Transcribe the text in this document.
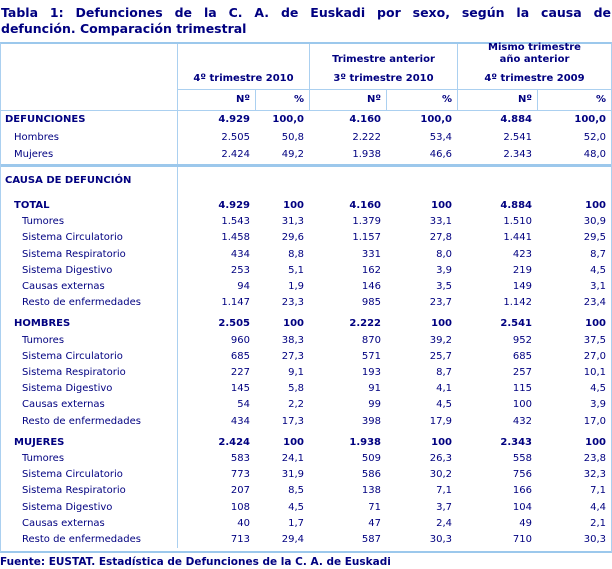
Tabla 1: Defunciones de la C. A. de Euskadi por sexo, según la causa de
defunción. Comparación trimestral
4º trimestre 2010
Trimestre anterior
3º trimestre 2010
Mismo trimestre
año anterior
4º trimestre 2009
Nº	%	Nº	%	Nº	%
DEFUNCIONES	4.929	100,0	4.160	100,0	4.884	100,0
Hombres	2.505	50,8	2.222	53,4	2.541	52,0
Mujeres	2.424	49,2	1.938	46,6	2.343	48,0
CAUSA DE DEFUNCIÓN
TOTAL	4.929	100	4.160	100	4.884	100
Tumores	1.543	31,3	1.379	33,1	1.510	30,9
Sistema Circulatorio	1.458	29,6	1.157	27,8	1.441	29,5
Sistema Respiratorio	434	8,8	331	8,0	423	8,7
Sistema Digestivo	253	5,1	162	3,9	219	4,5
Causas externas	94	1,9	146	3,5	149	3,1
Resto de enfermedades	1.147	23,3	985	23,7	1.142	23,4
HOMBRES	2.505	100	2.222	100	2.541	100
Tumores	960	38,3	870	39,2	952	37,5
Sistema Circulatorio	685	27,3	571	25,7	685	27,0
Sistema Respiratorio	227	9,1	193	8,7	257	10,1
Sistema Digestivo	145	5,8	91	4,1	115	4,5
Causas externas	54	2,2	99	4,5	100	3,9
Resto de enfermedades	434	17,3	398	17,9	432	17,0
MUJERES	2.424	100	1.938	100	2.343	100
Tumores	583	24,1	509	26,3	558	23,8
Sistema Circulatorio	773	31,9	586	30,2	756	32,3
Sistema Respiratorio	207	8,5	138	7,1	166	7,1
Sistema Digestivo	108	4,5	71	3,7	104	4,4
Causas externas	40	1,7	47	2,4	49	2,1
Resto de enfermedades	713	29,4	587	30,3	710	30,3
Fuente: EUSTAT. Estadística de Defunciones de la C. A. de Euskadi
